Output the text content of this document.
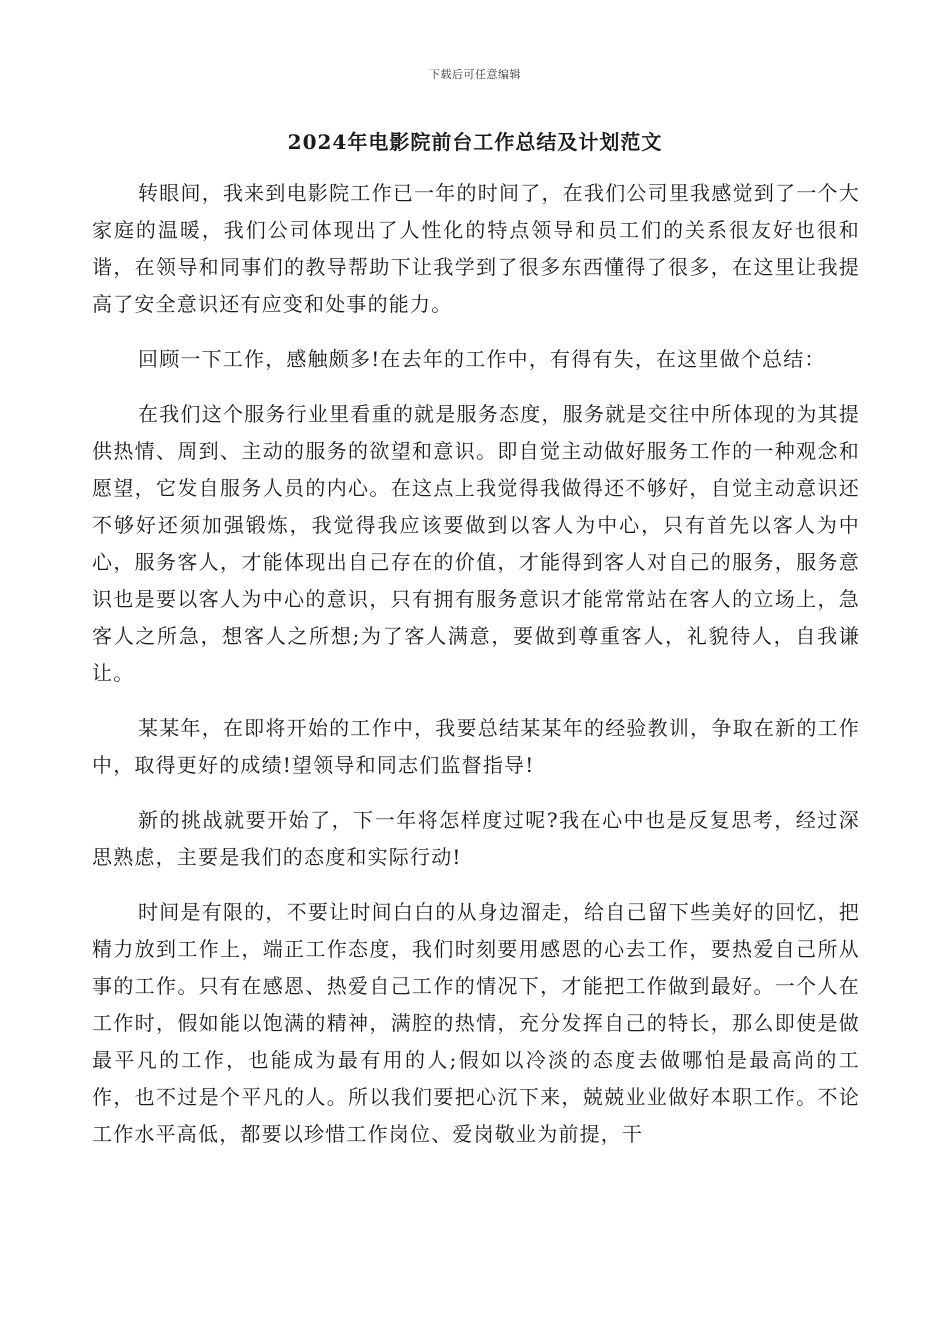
下载后可任意编辑
2024年电影院前台工作总结及计划范文

转眼间，我来到电影院工作已一年的时间了，在我们公司里我感觉到了一个大家庭的温暖，我们公司体现出了人性化的特点领导和员工们的关系很友好也很和谐，在领导和同事们的教导帮助下让我学到了很多东西懂得了很多，在这里让我提高了安全意识还有应变和处事的能力。

回顾一下工作，感触颇多!在去年的工作中，有得有失，在这里做个总结：

在我们这个服务行业里看重的就是服务态度，服务就是交往中所体现的为其提供热情、周到、主动的服务的欲望和意识。即自觉主动做好服务工作的一种观念和愿望，它发自服务人员的内心。在这点上我觉得我做得还不够好，自觉主动意识还不够好还须加强锻炼，我觉得我应该要做到以客人为中心，只有首先以客人为中心，服务客人，才能体现出自己存在的价值，才能得到客人对自己的服务，服务意识也是要以客人为中心的意识，只有拥有服务意识才能常常站在客人的立场上，急客人之所急，想客人之所想;为了客人满意，要做到尊重客人，礼貌待人，自我谦让。

某某年，在即将开始的工作中，我要总结某某年的经验教训，争取在新的工作中，取得更好的成绩!望领导和同志们监督指导!

新的挑战就要开始了，下一年将怎样度过呢?我在心中也是反复思考，经过深思熟虑，主要是我们的态度和实际行动!

时间是有限的，不要让时间白白的从身边溜走，给自己留下些美好的回忆，把精力放到工作上，端正工作态度，我们时刻要用感恩的心去工作，要热爱自己所从事的工作。只有在感恩、热爱自己工作的情况下，才能把工作做到最好。一个人在工作时，假如能以饱满的精神，满腔的热情，充分发挥自己的特长，那么即使是做最平凡的工作，也能成为最有用的人;假如以冷淡的态度去做哪怕是最高尚的工作，也不过是个平凡的人。所以我们要把心沉下来，兢兢业业做好本职工作。不论工作水平高低，都要以珍惜工作岗位、爱岗敬业为前提，干
